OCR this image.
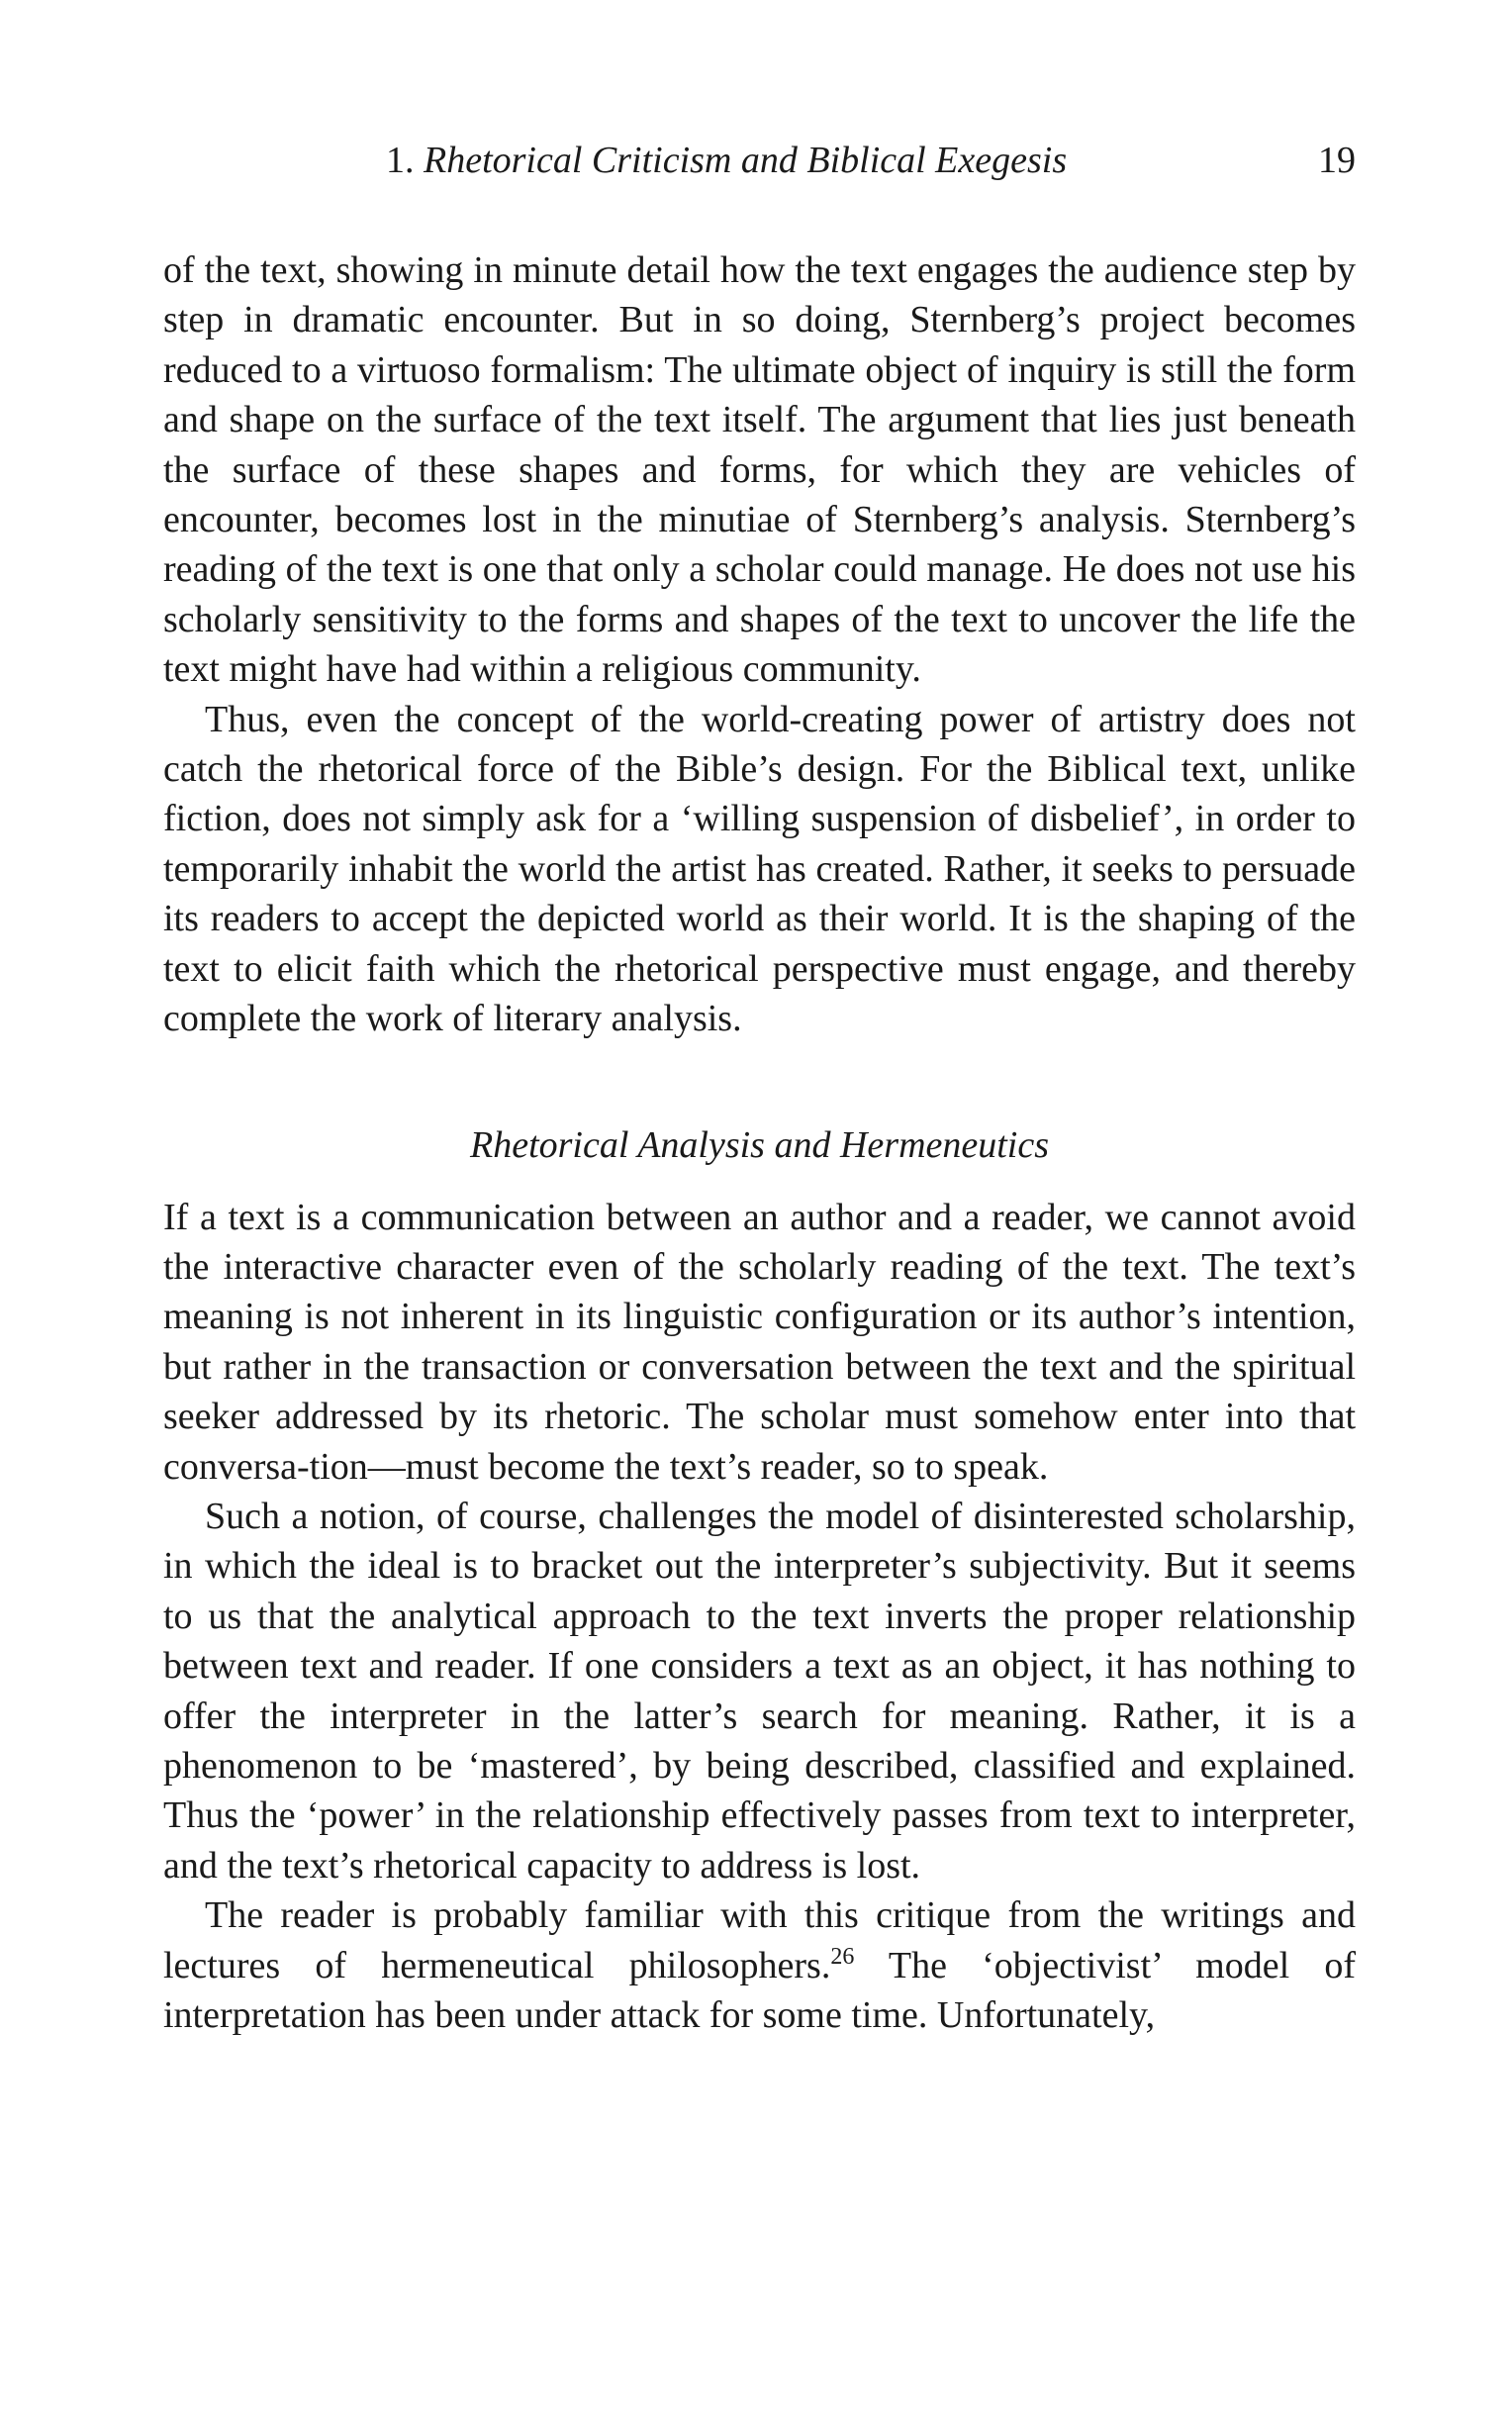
1. Rhetorical Criticism and Biblical Exegesis	19

of the text, showing in minute detail how the text engages the audience step by step in dramatic encounter. But in so doing, Sternberg’s project becomes reduced to a virtuoso formalism: The ultimate object of inquiry is still the form and shape on the surface of the text itself. The argument that lies just beneath the surface of these shapes and forms, for which they are vehicles of encounter, becomes lost in the minutiae of Sternberg’s analysis. Sternberg’s reading of the text is one that only a scholar could manage. He does not use his scholarly sensitivity to the forms and shapes of the text to uncover the life the text might have had within a religious community.

Thus, even the concept of the world-creating power of artistry does not catch the rhetorical force of the Bible’s design. For the Biblical text, unlike fiction, does not simply ask for a ‘willing suspension of disbelief’, in order to temporarily inhabit the world the artist has created. Rather, it seeks to persuade its readers to accept the depicted world as their world. It is the shaping of the text to elicit faith which the rhetorical perspective must engage, and thereby complete the work of literary analysis.

Rhetorical Analysis and Hermeneutics

If a text is a communication between an author and a reader, we cannot avoid the interactive character even of the scholarly reading of the text. The text’s meaning is not inherent in its linguistic configuration or its author’s intention, but rather in the transaction or conversation between the text and the spiritual seeker addressed by its rhetoric. The scholar must somehow enter into that conversa-tion—must become the text’s reader, so to speak.

Such a notion, of course, challenges the model of disinterested scholarship, in which the ideal is to bracket out the interpreter’s subjectivity. But it seems to us that the analytical approach to the text inverts the proper relationship between text and reader. If one considers a text as an object, it has nothing to offer the interpreter in the latter’s search for meaning. Rather, it is a phenomenon to be ‘mastered’, by being described, classified and explained. Thus the ‘power’ in the relationship effectively passes from text to interpreter, and the text’s rhetorical capacity to address is lost.

The reader is probably familiar with this critique from the writings and lectures of hermeneutical philosophers.$^{26}$ The ‘objectivist’ model of interpretation has been under attack for some time. Unfortunately,
